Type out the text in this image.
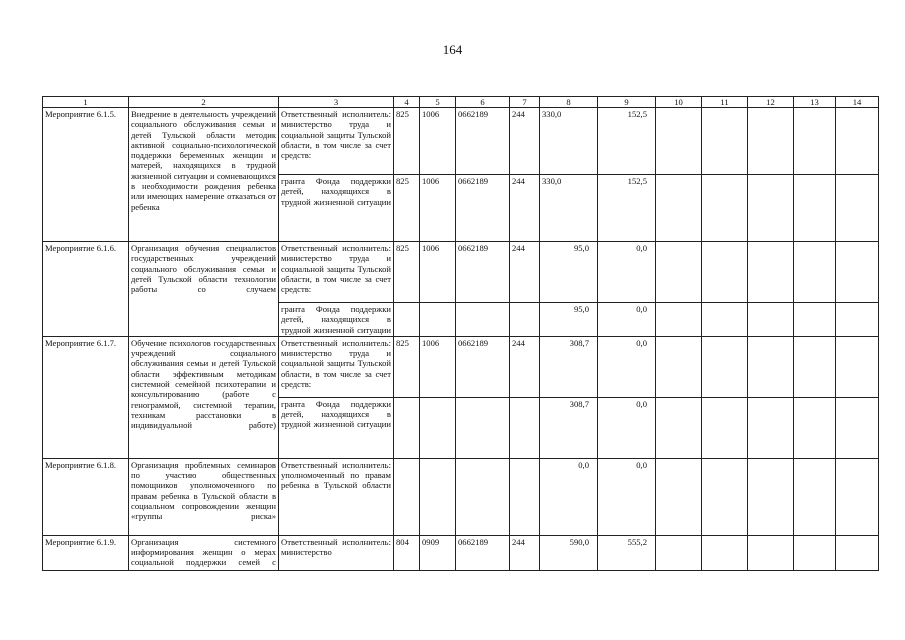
164
1	2	3	4	5	6	7	8	9	10	11	12	13	14
Мероприятие 6.1.5.	Внедрение в деятельность учреждений социального обслуживания семьи и детей Тульской области методик активной социально-психологической поддержки беременных женщин и матерей, находящихся в трудной жизненной ситуации и сомневающихся в необходимости рождения ребенка или имеющих намерение отказаться от ребенка	Ответственный исполнитель: министерство труда и социальной защиты Тульской области, в том числе за счет средств:	825	1006	0662189	244	330,0	152,5					
		гранта Фонда поддержки детей, находящихся в трудной жизненной ситуации	825	1006	0662189	244	330,0	152,5					
Мероприятие 6.1.6.	Организация обучения специалистов государственных учреждений социального обслуживания семьи и детей Тульской области технологии работы со случаем	Ответственный исполнитель: министерство труда и социальной защиты Тульской области, в том числе за счет средств:	825	1006	0662189	244	95,0	0,0					
		гранта Фонда поддержки детей, находящихся в трудной жизненной ситуации					95,0	0,0					
Мероприятие 6.1.7.	Обучение психологов государственных учреждений социального обслуживания семьи и детей Тульской области эффективным методикам системной семейной психотерапии и консультированию (работе с генограммой, системной терапии, техникам расстановки в индивидуальной работе)	Ответственный исполнитель: министерство труда и социальной защиты Тульской области, в том числе за счет средств:	825	1006	0662189	244	308,7	0,0					
		гранта Фонда поддержки детей, находящихся в трудной жизненной ситуации					308,7	0,0					
Мероприятие 6.1.8.	Организация проблемных семинаров по участию общественных помощников уполномоченного по правам ребенка в Тульской области в социальном сопровождении женщин «группы риска»	Ответственный исполнитель: уполномоченный по правам ребенка в Тульской области					0,0	0,0					
Мероприятие 6.1.9.	Организация системного информирования женщин о мерах социальной поддержки семей с	Ответственный исполнитель: министерство	804	0909	0662189	244	590,0	555,2					
